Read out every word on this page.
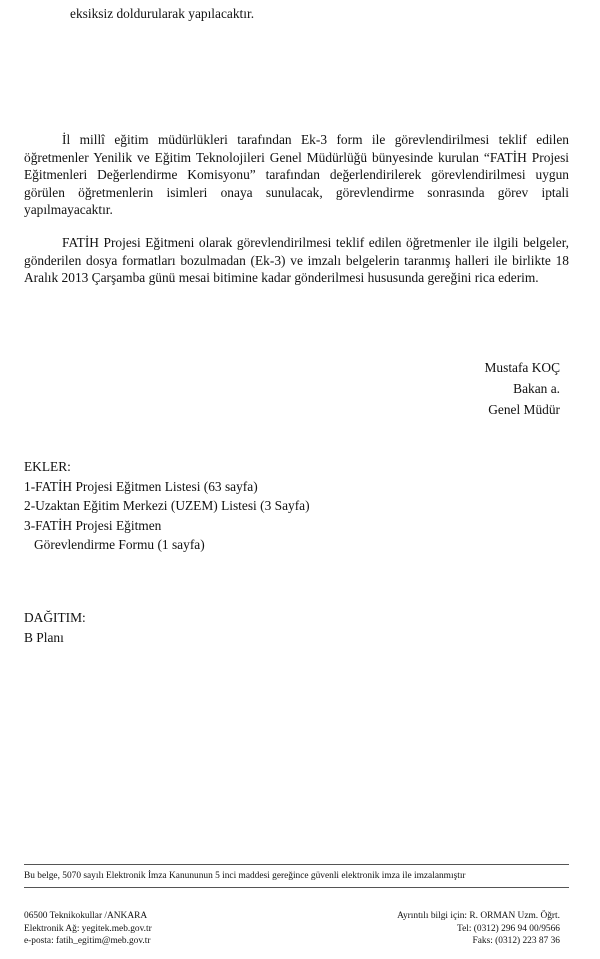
eksiksiz doldurularak yapılacaktır.
İl millî eğitim müdürlükleri tarafından Ek-3 form ile görevlendirilmesi teklif edilen öğretmenler Yenilik ve Eğitim Teknolojileri Genel Müdürlüğü bünyesinde kurulan “FATİH Projesi Eğitmenleri Değerlendirme Komisyonu” tarafından değerlendirilerek görevlendirilmesi uygun görülen öğretmenlerin isimleri onaya sunulacak, görevlendirme sonrasında görev iptali yapılmayacaktır.
FATİH Projesi Eğitmeni olarak görevlendirilmesi teklif edilen öğretmenler ile ilgili belgeler, gönderilen dosya formatları bozulmadan (Ek-3) ve imzalı belgelerin taranmış halleri ile birlikte 18 Aralık 2013 Çarşamba günü mesai bitimine kadar gönderilmesi hususunda gereğini rica ederim.
Mustafa KOÇ
Bakan a.
Genel Müdür
EKLER:
1-FATİH Projesi Eğitmen Listesi (63 sayfa)
2-Uzaktan Eğitim Merkezi (UZEM) Listesi (3 Sayfa)
3-FATİH Projesi Eğitmen
Görevlendirme Formu (1 sayfa)
DAĞITIM:
B Planı
Bu belge, 5070 sayılı Elektronik İmza Kanununun 5 inci maddesi gereğince güvenli elektronik imza ile imzalanmıştır
06500 Teknikokullar /ANKARA
Elektronik Ağ: yegitek.meb.gov.tr
e-posta: fatih_egitim@meb.gov.tr
Ayrıntılı bilgi için: R. ORMAN Uzm. Öğrt.
Tel: (0312) 296 94 00/9566
Faks: (0312) 223 87 36
